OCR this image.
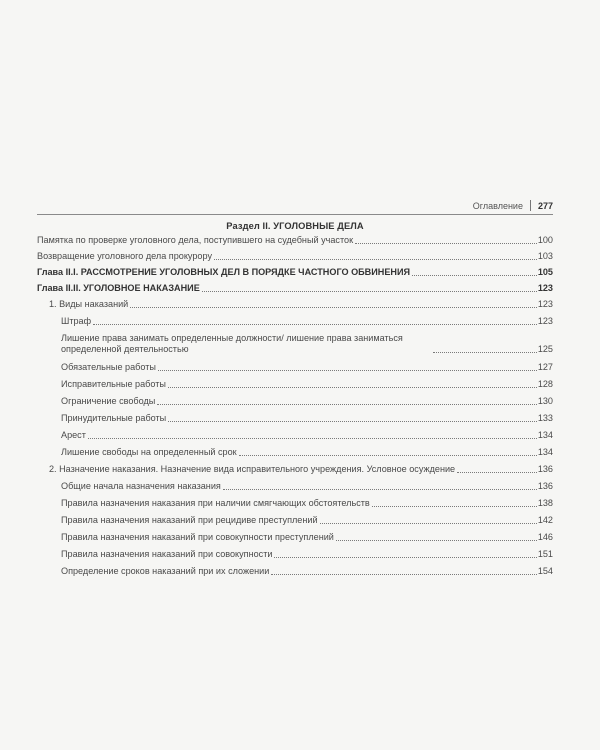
Оглавление 277
Раздел II. УГОЛОВНЫЕ ДЕЛА
Памятка по проверке уголовного дела, поступившего на судебный участок	100
Возвращение уголовного дела прокурору	103
Глава II.I. РАССМОТРЕНИЕ УГОЛОВНЫХ ДЕЛ В ПОРЯДКЕ ЧАСТНОГО ОБВИНЕНИЯ	105
Глава II.II. УГОЛОВНОЕ НАКАЗАНИЕ	123
1. Виды наказаний	123
Штраф	123
Лишение права занимать определенные должности/ лишение права заниматься определенной деятельностью	125
Обязательные работы	127
Исправительные работы	128
Ограничение свободы	130
Принудительные работы	133
Арест	134
Лишение свободы на определенный срок	134
2. Назначение наказания. Назначение вида исправительного учреждения. Условное осуждение	136
Общие начала назначения наказания	136
Правила назначения наказания при наличии смягчающих обстоятельств	138
Правила назначения наказаний при рецидиве преступлений	142
Правила назначения наказаний при совокупности преступлений	146
Правила назначения наказаний при совокупности	151
Определение сроков наказаний при их сложении	154
